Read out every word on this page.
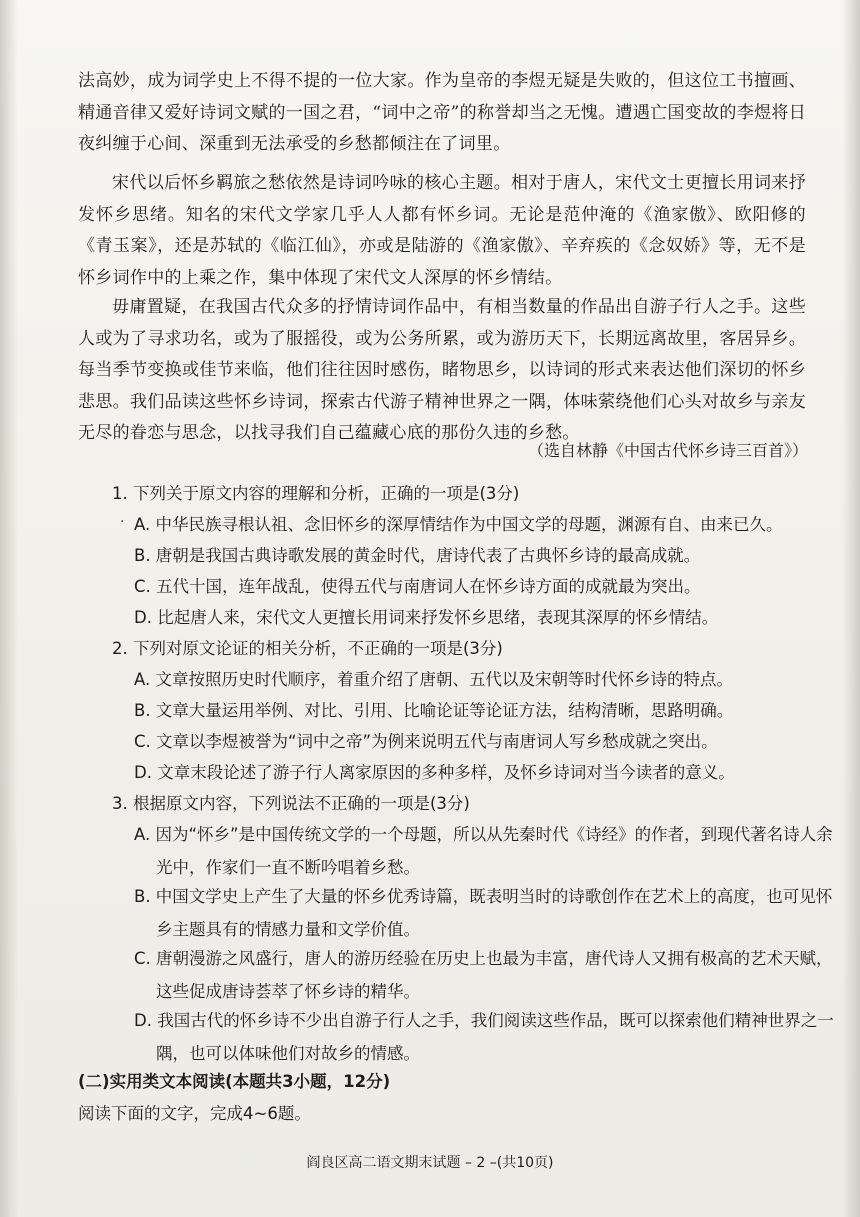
法高妙，成为词学史上不得不提的一位大家。作为皇帝的李煜无疑是失败的，但这位工书擅画、精通音律又爱好诗词文赋的一国之君，“词中之帝”的称誉却当之无愧。遭遇亡国变故的李煜将日夜纠缠于心间、深重到无法承受的乡愁都倾注在了词里。

宋代以后怀乡羁旅之愁依然是诗词吟咏的核心主题。相对于唐人，宋代文士更擅长用词来抒发怀乡思绪。知名的宋代文学家几乎人人都有怀乡词。无论是范仲淹的《渔家傲》、欧阳修的《青玉案》，还是苏轼的《临江仙》，亦或是陆游的《渔家傲》、辛弃疾的《念奴娇》等，无不是怀乡词作中的上乘之作，集中体现了宋代文人深厚的怀乡情结。

毋庸置疑，在我国古代众多的抒情诗词作品中，有相当数量的作品出自游子行人之手。这些人或为了寻求功名，或为了服摇役，或为公务所累，或为游历天下，长期远离故里，客居异乡。每当季节变换或佳节来临，他们往往因时感伤，睹物思乡，以诗词的形式来表达他们深切的怀乡悲思。我们品读这些怀乡诗词，探索古代游子精神世界之一隅，体味萦绕他们心头对故乡与亲友无尽的眷恋与思念，以找寻我们自己蕴藏心底的那份久违的乡愁。

（选自林静《中国古代怀乡诗三百首》）

1. 下列关于原文内容的理解和分析，正确的一项是(3分)

· A. 中华民族寻根认祖、念旧怀乡的深厚情结作为中国文学的母题，渊源有自、由来已久。

B. 唐朝是我国古典诗歌发展的黄金时代，唐诗代表了古典怀乡诗的最高成就。

C. 五代十国，连年战乱，使得五代与南唐词人在怀乡诗方面的成就最为突出。

D. 比起唐人来，宋代文人更擅长用词来抒发怀乡思绪，表现其深厚的怀乡情结。

2. 下列对原文论证的相关分析，不正确的一项是(3分)

A. 文章按照历史时代顺序，着重介绍了唐朝、五代以及宋朝等时代怀乡诗的特点。

B. 文章大量运用举例、对比、引用、比喻论证等论证方法，结构清晰，思路明确。

C. 文章以李煜被誉为“词中之帝”为例来说明五代与南唐词人写乡愁成就之突出。

D. 文章末段论述了游子行人离家原因的多种多样，及怀乡诗词对当今读者的意义。

3. 根据原文内容，下列说法不正确的一项是(3分)

A. 因为“怀乡”是中国传统文学的一个母题，所以从先秦时代《诗经》的作者，到现代著名诗人余光中，作家们一直不断吟唱着乡愁。

B. 中国文学史上产生了大量的怀乡优秀诗篇，既表明当时的诗歌创作在艺术上的高度，也可见怀乡主题具有的情感力量和文学价值。

C. 唐朝漫游之风盛行，唐人的游历经验在历史上也最为丰富，唐代诗人又拥有极高的艺术天赋，这些促成唐诗荟萃了怀乡诗的精华。

D. 我国古代的怀乡诗不少出自游子行人之手，我们阅读这些作品，既可以探索他们精神世界之一隅，也可以体味他们对故乡的情感。

(二)实用类文本阅读(本题共3小题，12分)

阅读下面的文字，完成4~6题。

阎良区高二语文期末试题 – 2 –(共10页)
